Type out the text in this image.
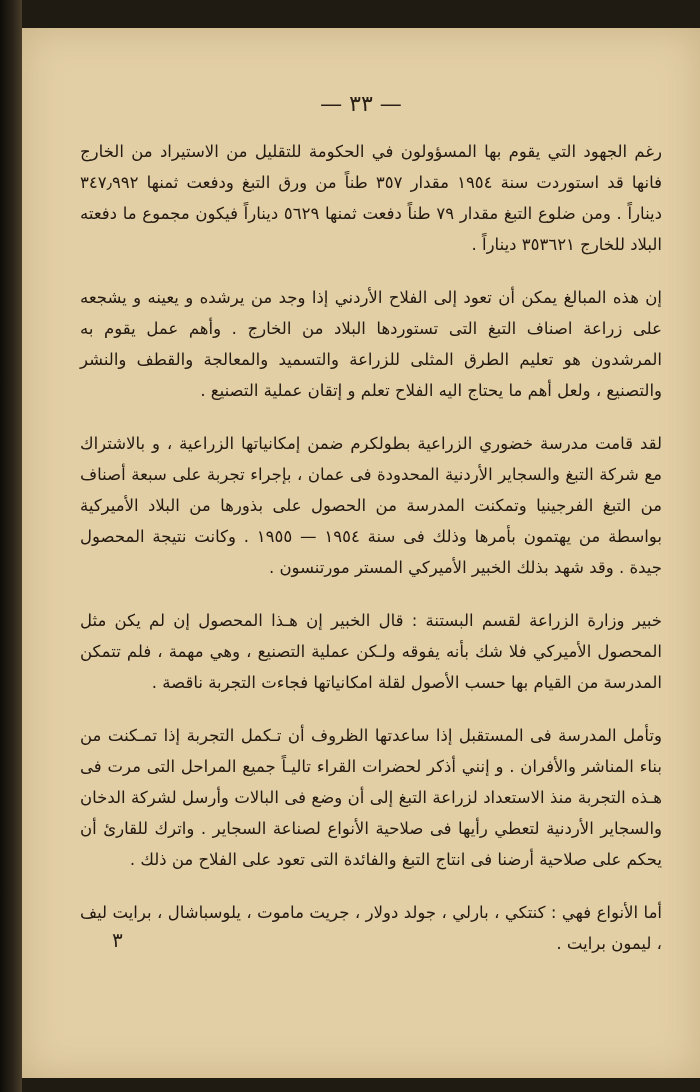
— ٣٣ —

رغم الجهود التي يقوم بها المسؤولون في الحكومة للتقليل من الاستيراد من الخارج فانها قد استوردت سنة ١٩٥٤ مقدار ٣٥٧ طناً من ورق التبغ ودفعت ثمنها ٣٤٧٫٩٩٢ ديناراً . ومن ضلوع التبغ مقدار ٧٩ طناً دفعت ثمنها ٥٦٢٩ ديناراً فيكون مجموع ما دفعته البلاد للخارج ٣٥٣٦٢١ ديناراً .

إن هذه المبالغ يمكن أن تعود إلى الفلاح الأردني إذا وجد من يرشده و يعينه و يشجعه على زراعة اصناف التبغ التى تستوردها البلاد من الخارج . وأهم عمل يقوم به المرشدون هو تعليم الطرق المثلى للزراعة والتسميد والمعالجة والقطف والنشر والتصنيع ، ولعل أهم ما يحتاج اليه الفلاح تعلم و إتقان عملية التصنيع .

لقد قامت مدرسة خضوري الزراعية بطولكرم ضمن إمكانياتها الزراعية ، و بالاشتراك مع شركة التبغ والسجاير الأردنية المحدودة فى عمان ، بإجراء تجربة على سبعة أصناف من التبغ الفرجينيا وتمكنت المدرسة من الحصول على بذورها من البلاد الأميركية بواسطة من يهتمون بأمرها وذلك فى سنة ١٩٥٤ — ١٩٥٥ . وكانت نتيجة المحصول جيدة . وقد شهد بذلك الخبير الأميركي المستر مورتنسون .

خبير وزارة الزراعة لقسم البستنة : قال الخبير إن هـذا المحصول إن لم يكن مثل المحصول الأميركي فلا شك بأنه يفوقه ولـكن عملية التصنيع ، وهي مهمة ، فلم تتمكن المدرسة من القيام بها حسب الأصول لقلة امكانياتها فجاءت التجربة ناقصة .

وتأمل المدرسة فى المستقبل إذا ساعدتها الظروف أن تـكمل التجربة إذا تمـكنت من بناء المناشر والأفران . و إنني أذكر لحضرات القراء تاليـاً جميع المراحل التى مرت فى هـذه التجربة منذ الاستعداد لزراعة التبغ إلى أن وضع فى البالات وأرسل لشركة الدخان والسجاير الأردنية لتعطي رأيها فى صلاحية الأنواع لصناعة السجاير . واترك للقارئ أن يحكم على صلاحية أرضنا فى انتاج التبغ والفائدة التى تعود على الفلاح من ذلك .

أما الأنواع فهي : كنتكي ، بارلي ، جولد دولار ، جريت ماموت ، يلوسباشال ، برايت ليف ، ليمون برايت .

٣
